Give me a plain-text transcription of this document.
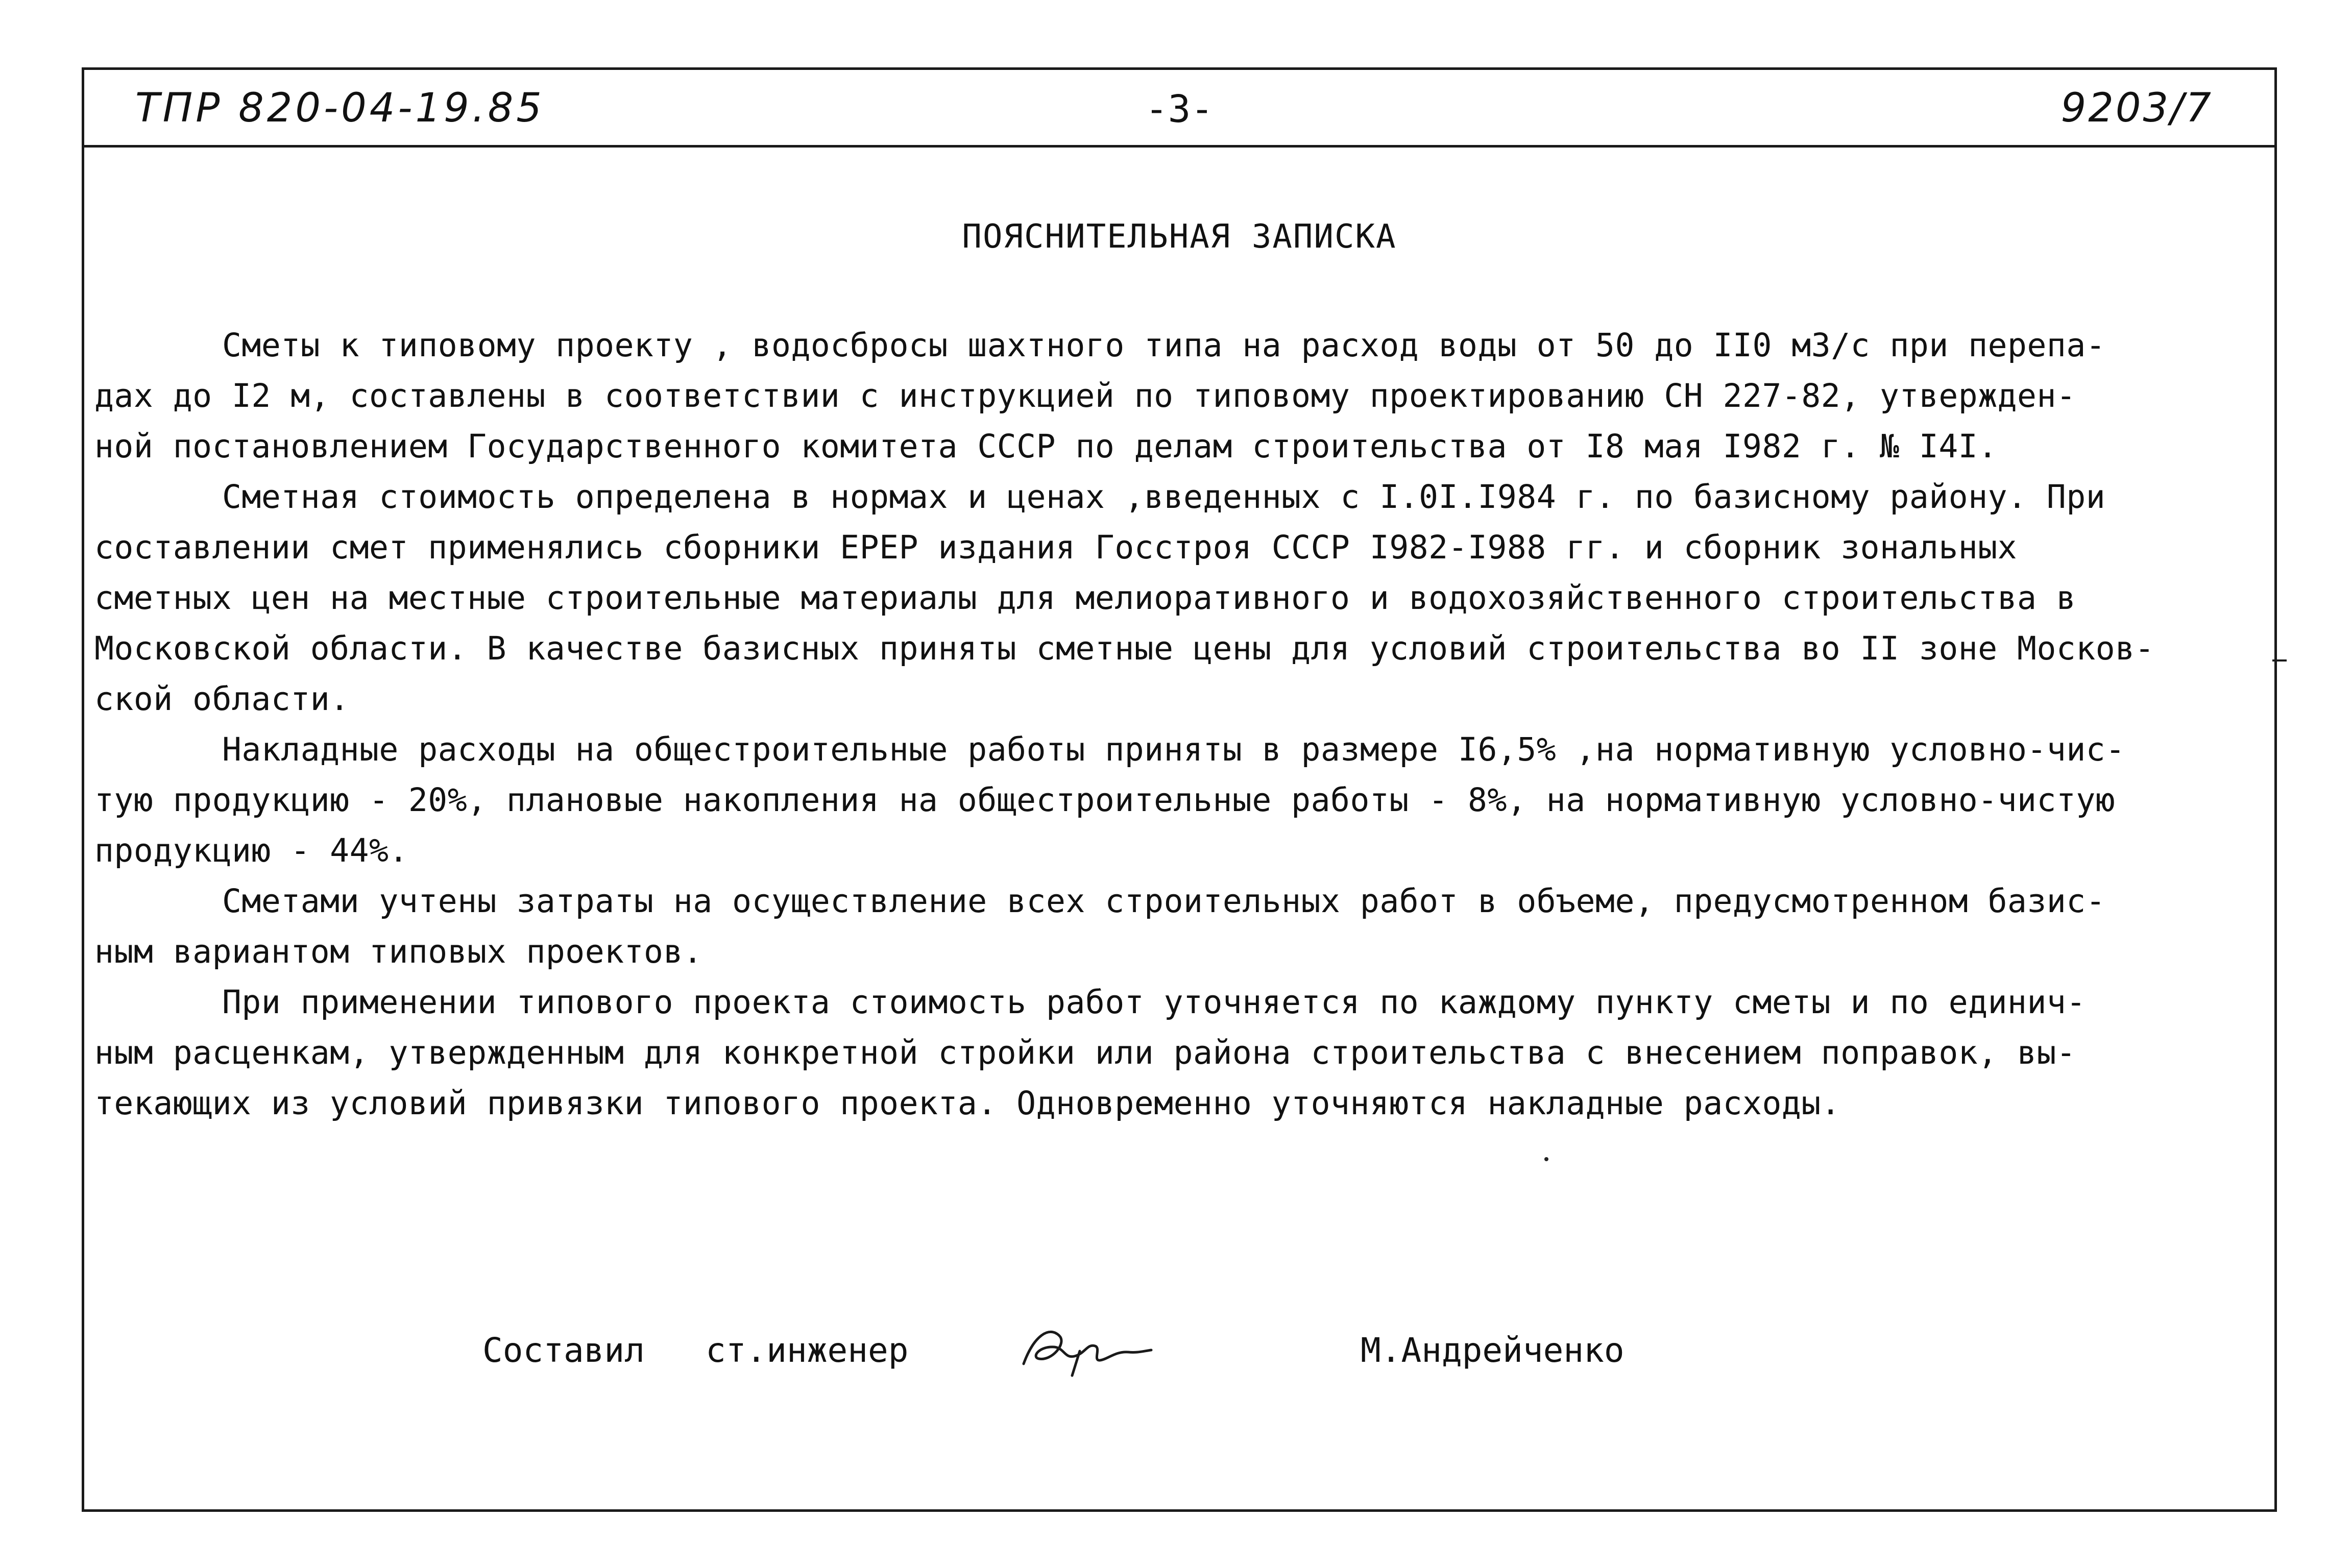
ТПР 820-04-19.85	-3-	9203/7
ПОЯСНИТЕЛЬНАЯ ЗАПИСКА
Сметы к типовому проекту , водосбросы шахтного типа на расход воды от 50 до II0 м3/с при перепа-
дах до I2 м, составлены в соответствии с инструкцией по типовому проектированию СН 227-82, утвержден-
ной постановлением Государственного комитета СССР по делам строительства от I8 мая I982 г. № I4I.
Сметная стоимость определена в нормах и ценах ,введенных с I.0I.I984 г. по базисному району. При
составлении смет применялись сборники ЕРЕР издания Госстроя СССР I982-I988 гг. и сборник зональных
сметных цен на местные строительные материалы для мелиоративного и водохозяйственного строительства в
Московской области. В качестве базисных приняты сметные цены для условий строительства во II зоне Москов-
ской области.
Накладные расходы на общестроительные работы приняты в размере I6,5% ,на нормативную условно-чис-
тую продукцию - 20%, плановые накопления на общестроительные работы - 8%, на нормативную условно-чистую
продукцию - 44%.
Сметами учтены затраты на осуществление всех строительных работ в объеме, предусмотренном базис-
ным вариантом типовых проектов.
При применении типового проекта стоимость работ уточняется по каждому пункту сметы и по единич-
ным расценкам, утвержденным для конкретной стройки или района строительства с внесением поправок, вы-
текающих из условий привязки типового проекта. Одновременно уточняются накладные расходы.
Составил   ст.инженер	М.Андрейченко
